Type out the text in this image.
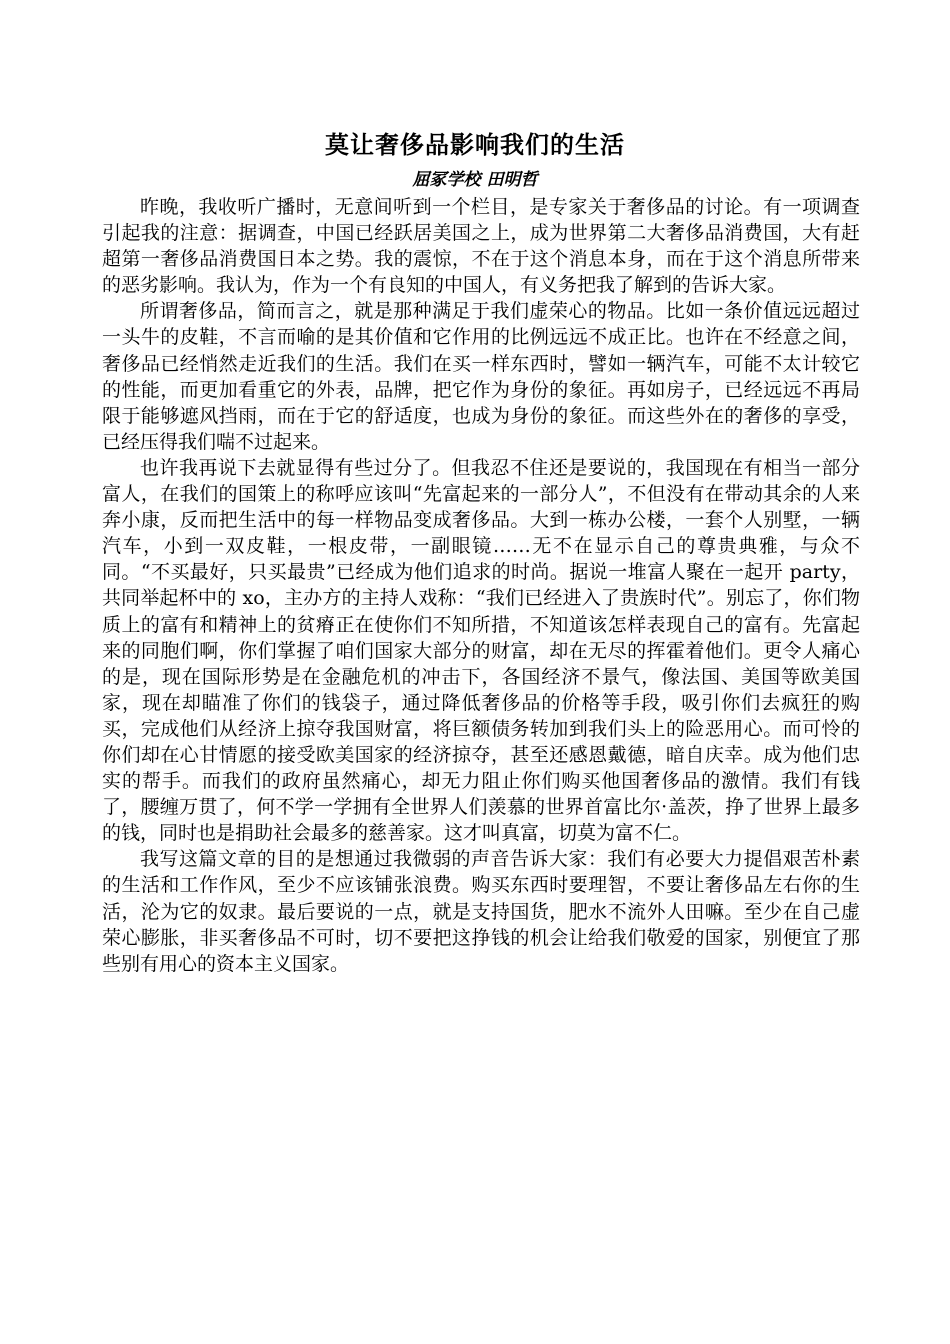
莫让奢侈品影响我们的生活
屈冢学校 田明哲

昨晚，我收听广播时，无意间听到一个栏目，是专家关于奢侈品的讨论。有一项调查引起我的注意：据调查，中国已经跃居美国之上，成为世界第二大奢侈品消费国，大有赶超第一奢侈品消费国日本之势。我的震惊，不在于这个消息本身，而在于这个消息所带来的恶劣影响。我认为，作为一个有良知的中国人，有义务把我了解到的告诉大家。

所谓奢侈品，简而言之，就是那种满足于我们虚荣心的物品。比如一条价值远远超过一头牛的皮鞋，不言而喻的是其价值和它作用的比例远远不成正比。也许在不经意之间，奢侈品已经悄然走近我们的生活。我们在买一样东西时，譬如一辆汽车，可能不太计较它的性能，而更加看重它的外表，品牌，把它作为身份的象征。再如房子，已经远远不再局限于能够遮风挡雨，而在于它的舒适度，也成为身份的象征。而这些外在的奢侈的享受，已经压得我们喘不过起来。

也许我再说下去就显得有些过分了。但我忍不住还是要说的，我国现在有相当一部分富人，在我们的国策上的称呼应该叫“先富起来的一部分人”，不但没有在带动其余的人来奔小康，反而把生活中的每一样物品变成奢侈品。大到一栋办公楼，一套个人别墅，一辆汽车，小到一双皮鞋，一根皮带，一副眼镜……无不在显示自己的尊贵典雅，与众不同。“不买最好，只买最贵”已经成为他们追求的时尚。据说一堆富人聚在一起开 party，共同举起杯中的 xo，主办方的主持人戏称：“我们已经进入了贵族时代”。别忘了，你们物质上的富有和精神上的贫瘠正在使你们不知所措，不知道该怎样表现自己的富有。先富起来的同胞们啊，你们掌握了咱们国家大部分的财富，却在无尽的挥霍着他们。更令人痛心的是，现在国际形势是在金融危机的冲击下，各国经济不景气，像法国、美国等欧美国家，现在却瞄准了你们的钱袋子，通过降低奢侈品的价格等手段，吸引你们去疯狂的购买，完成他们从经济上掠夺我国财富，将巨额债务转加到我们头上的险恶用心。而可怜的你们却在心甘情愿的接受欧美国家的经济掠夺，甚至还感恩戴德，暗自庆幸。成为他们忠实的帮手。而我们的政府虽然痛心，却无力阻止你们购买他国奢侈品的激情。我们有钱了，腰缠万贯了，何不学一学拥有全世界人们羡慕的世界首富比尔·盖茨，挣了世界上最多的钱，同时也是捐助社会最多的慈善家。这才叫真富，切莫为富不仁。

我写这篇文章的目的是想通过我微弱的声音告诉大家：我们有必要大力提倡艰苦朴素的生活和工作作风，至少不应该铺张浪费。购买东西时要理智，不要让奢侈品左右你的生活，沦为它的奴隶。最后要说的一点，就是支持国货，肥水不流外人田嘛。至少在自己虚荣心膨胀，非买奢侈品不可时，切不要把这挣钱的机会让给我们敬爱的国家，别便宜了那些别有用心的资本主义国家。
